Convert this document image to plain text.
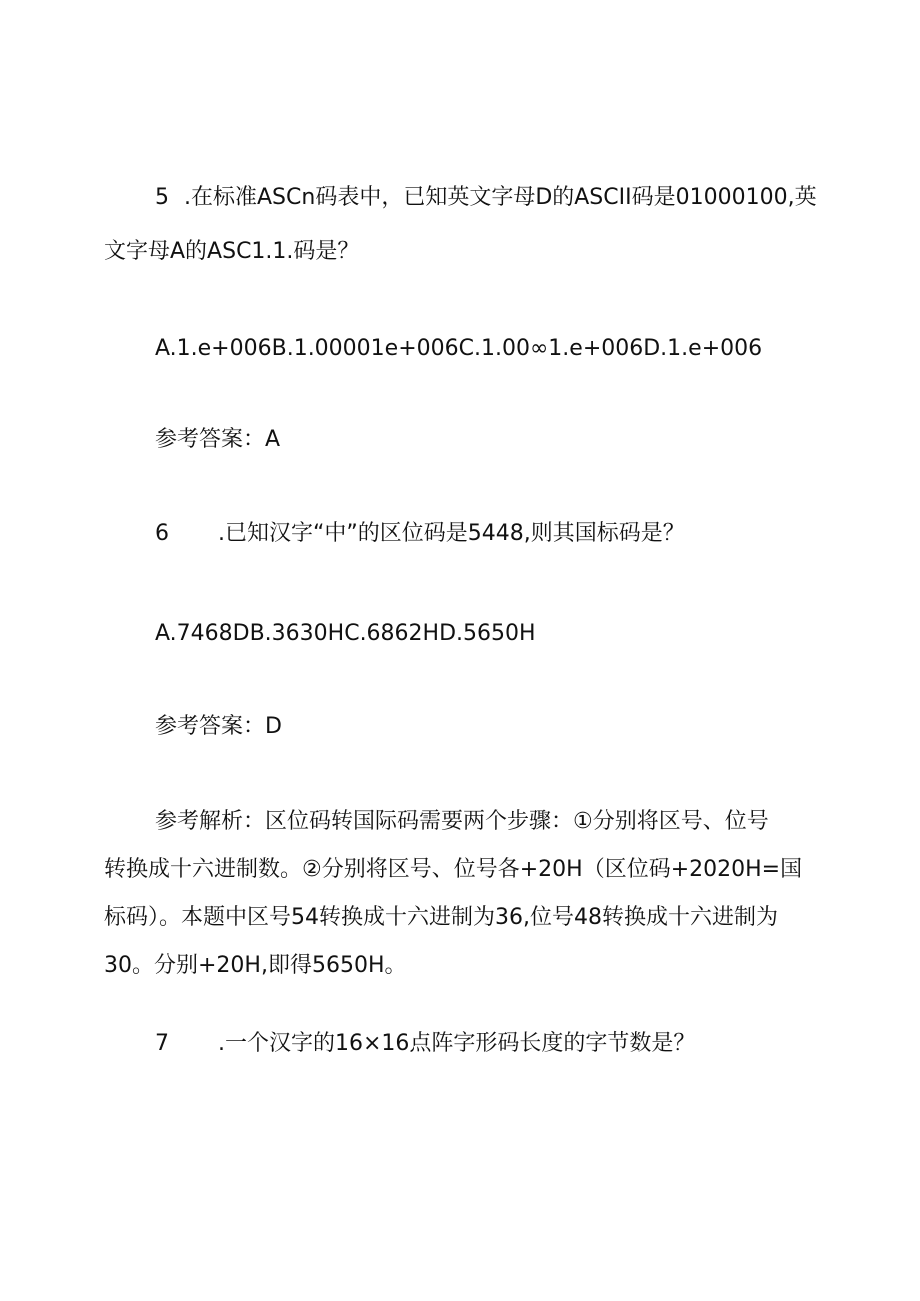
5 .在标准ASCn码表中，已知英文字母D的ASCII码是01000100,英
文字母A的ASC1.1.码是？
A.1.e+006B.1.00001e+006C.1.00∞1.e+006D.1.e+006
参考答案：A
6 .已知汉字“中”的区位码是5448,则其国标码是？
A.7468DB.3630HC.6862HD.5650H
参考答案：D
参考解析：区位码转国际码需要两个步骤：①分别将区号、位号
转换成十六进制数。②分别将区号、位号各+20H（区位码+2020H=国
标码）。本题中区号54转换成十六进制为36,位号48转换成十六进制为
30。分别+20H,即得5650H。
7 .一个汉字的16×16点阵字形码长度的字节数是？
